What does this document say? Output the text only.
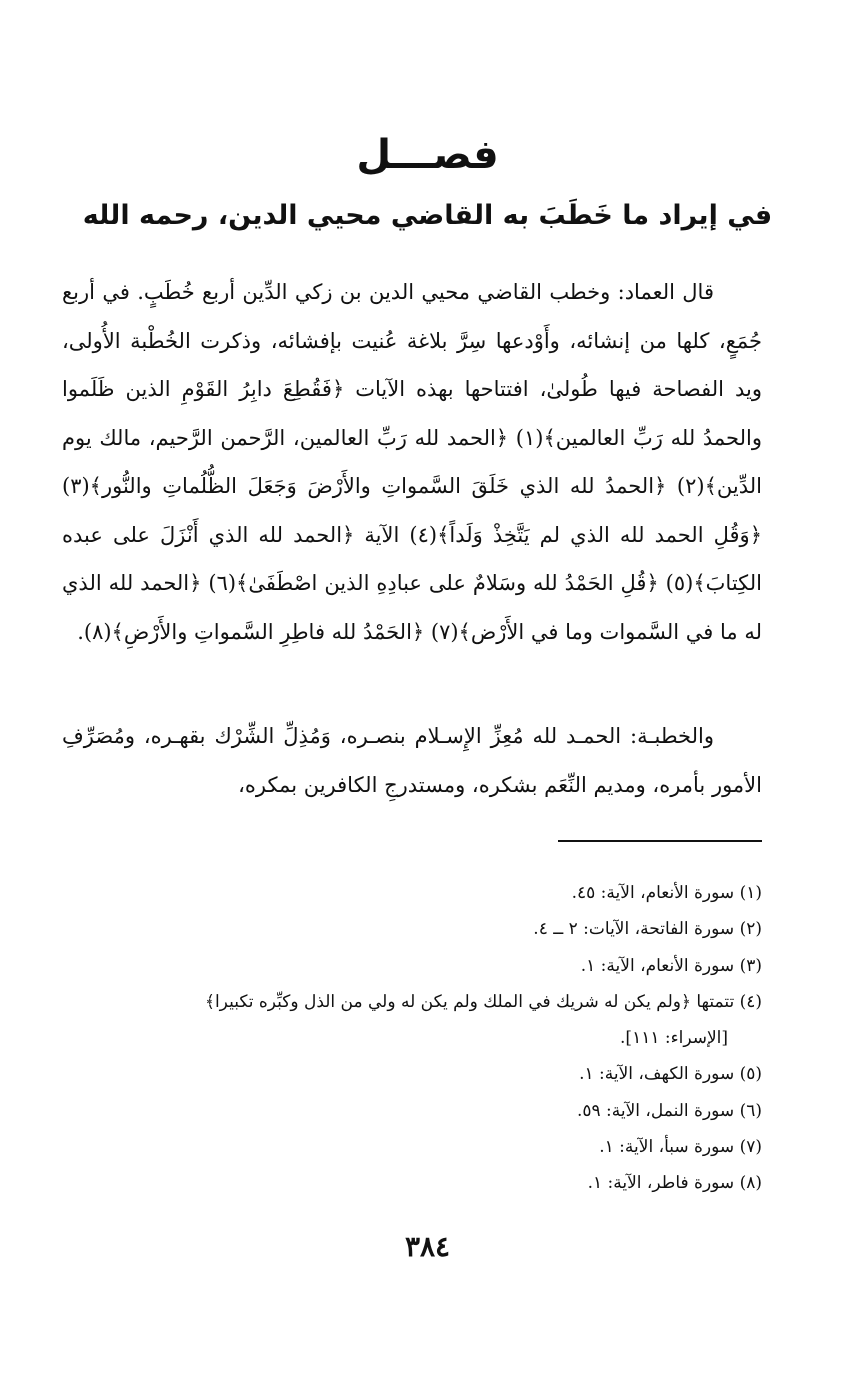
فصـــل
في إيراد ما خَطَبَ به القاضي محيي الدين، رحمه الله

قال العماد: وخطب القاضي محيي الدين بن زكي الدِّين أربع خُطَبٍ. في أربع جُمَعٍ، كلها من إنشائه، وأَوْدعها سِرَّ بلاغة عُنيت بإفشائه، وذكرت الخُطْبة الأُولى، ويد الفصاحة فيها طُولىٰ، افتتاحها بهذه الآيات ﴿فَقُطِعَ دابِرُ القَوْمِ الذين ظَلَموا والحمدُ لله رَبِّ العالمين﴾(١) ﴿الحمد لله رَبِّ العالمين، الرَّحمن الرَّحيم، مالك يوم الدِّين﴾(٢) ﴿الحمدُ لله الذي خَلَقَ السَّمواتِ والأَرْضَ وَجَعَلَ الظُّلُماتِ والنُّور﴾(٣) ﴿وَقُلِ الحمد لله الذي لم يَتَّخِذْ وَلَداً﴾(٤) الآية ﴿الحمد لله الذي أَنْزَلَ على عبده الكِتابَ﴾(٥) ﴿قُلِ الحَمْدُ لله وسَلامٌ على عبادِهِ الذين اصْطَفَىٰ﴾(٦) ﴿الحمد لله الذي له ما في السَّموات وما في الأَرْض﴾(٧) ﴿الحَمْدُ لله فاطِرِ السَّمواتِ والأَرْضِ﴾(٨).

والخطبـة: الحمـد لله مُعِزِّ الإِسـلام بنصـره، وَمُذِلِّ الشِّرْك بقهـره، ومُصَرِّفِ الأمور بأمره، ومديم النِّعَم بشكره، ومستدرجِ الكافرين بمكره،

(١) سورة الأنعام، الآية: ٤٥.
(٢) سورة الفاتحة، الآيات: ٢ ــ ٤.
(٣) سورة الأنعام، الآية: ١.
(٤) تتمتها ﴿ولم يكن له شريك في الملك ولم يكن له ولي من الذل وكبِّره تكبيرا﴾
[الإسراء: ١١١].
(٥) سورة الكهف، الآية: ١.
(٦) سورة النمل، الآية: ٥٩.
(٧) سورة سبأ، الآية: ١.
(٨) سورة فاطر، الآية: ١.
٣٨٤
